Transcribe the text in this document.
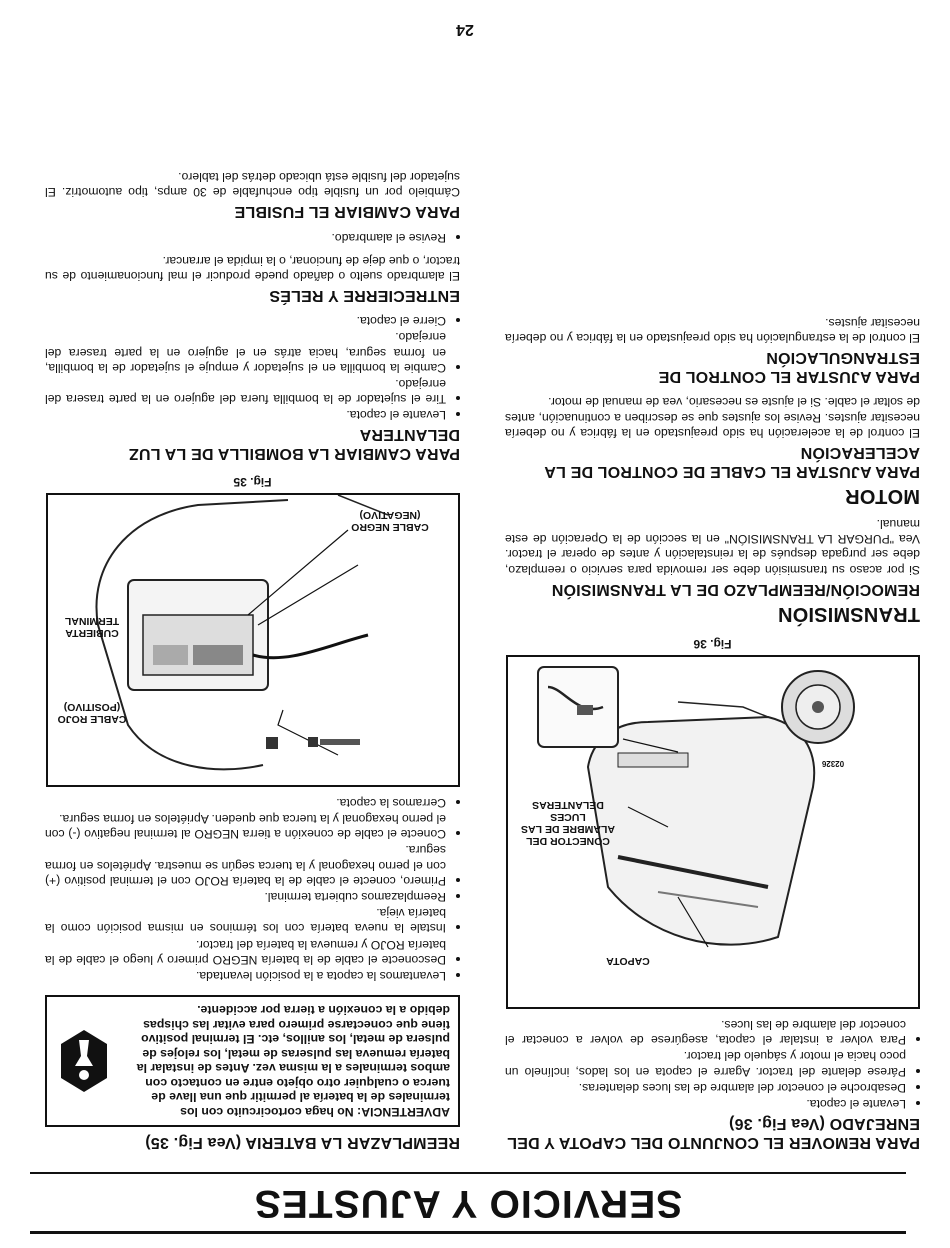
SERVICIO Y AJUSTES
REEMPLAZAR LA BATERIA (Vea Fig. 35)
ADVERTENCIA: No haga cortocircuito con los terminales de la batería al permitir que una llave de tuerca o cualquier otro objeto entre en contacto con ambos terminales a la misma vez. Antes de instalar la batería remueva las pulseras de metal, los relojes de pulsera de metal, los anillos, etc. El terminal positivo tiene que conectarse primero para evitar las chispas debido a la conexión a tierra por accidente.
• Levantamos la capota a la posición levantada.
• Desconecte el cable de la batería NEGRO primero y luego el cable de la batería ROJO y remueva la batería del tractor.
• Instale la nueva batería con los términos en misma posición como la batería vieja.
• Reemplazamos cubierta terminal.
• Primero, conecte el cable de la batería ROJO con el terminal positivo (+) con el perno hexagonal y la tuerca según se muestra. Apriételos en forma segura.
• Conecte el cable de conexión a tierra NEGRO al terminal negativo (-) con el perno hexagonal y la tuerca que queden. Apriételos en forma segura.
• Cerramos la capota.
CABLE NEGRO (NEGATIVO)
CUBIERTA TERMINAL
CABLE ROJO (POSITIVO)
Fig. 35
PARA CAMBIAR LA BOMBILLA DE LA LUZ DELANTERA
• Levante el capota.
• Tire el sujetador de la bombilla fuera del agujero en la parte trasera del enrejado.
• Cambie la bombilla en el sujetador y empuje el sujetador de la bombilla, en forma segura, hacia atrás en el agujero en la parte trasera del enrejado.
• Cierre el capota.
ENTRECIERRE Y RELÉS

El alambrado suelto o dañado puede producir el mal funcionamiento de su tractor, o que deje de funcionar, o la impida el arrancar.

• Revise el alambrado.
PARA CAMBIAR EL FUSIBLE

Cámbielo por un fusible tipo enchufable de 30 amps, tipo automotriz. El sujetador del fusible está ubicado detrás del tablero.

PARA REMOVER EL CONJUNTO DEL CAPOTA Y DEL ENREJADO (Vea Fig. 36)
• Levante el capota.
• Desabroche el conector del alambre de las luces delanteras.
• Párese delante del tractor. Agarre el capota en los lados, inclínelo un poco hacia el motor y sáquelo del tractor.
• Para volver a instalar el capota, asegúrese de volver a conectar el conector del alambre de las luces.
CAPOTA
CONECTOR DEL ALAMBRE DE LAS LUCES DELANTERAS
02326
Fig. 36
TRANSMISIÓN
REMOCIÓN/REEMPLAZO DE LA TRANSMISIÓN

Si por acaso su transmisión debe ser removida para servicio o reemplazo, debe ser purgada después de la reinstalación y antes de operar el tractor. Vea "PURGAR LA TRANSMISIÓN" en la sección de la Operación de este manual.

MOTOR
PARA AJUSTAR EL CABLE DE CONTROL DE LA ACELERACIÓN

El control de la aceleración ha sido preajustado en la fábrica y no debería necesitar ajustes. Revise los ajustes que se describen a continuación, antes de soltar el cable. Si el ajuste es necesario, vea de manual de motor.

PARA AJUSTAR EL CONTROL DE ESTRANGULACIÓN

El control de la estrangulación ha sido preajustado en la fábrica y no debería necesitar ajustes.

24
